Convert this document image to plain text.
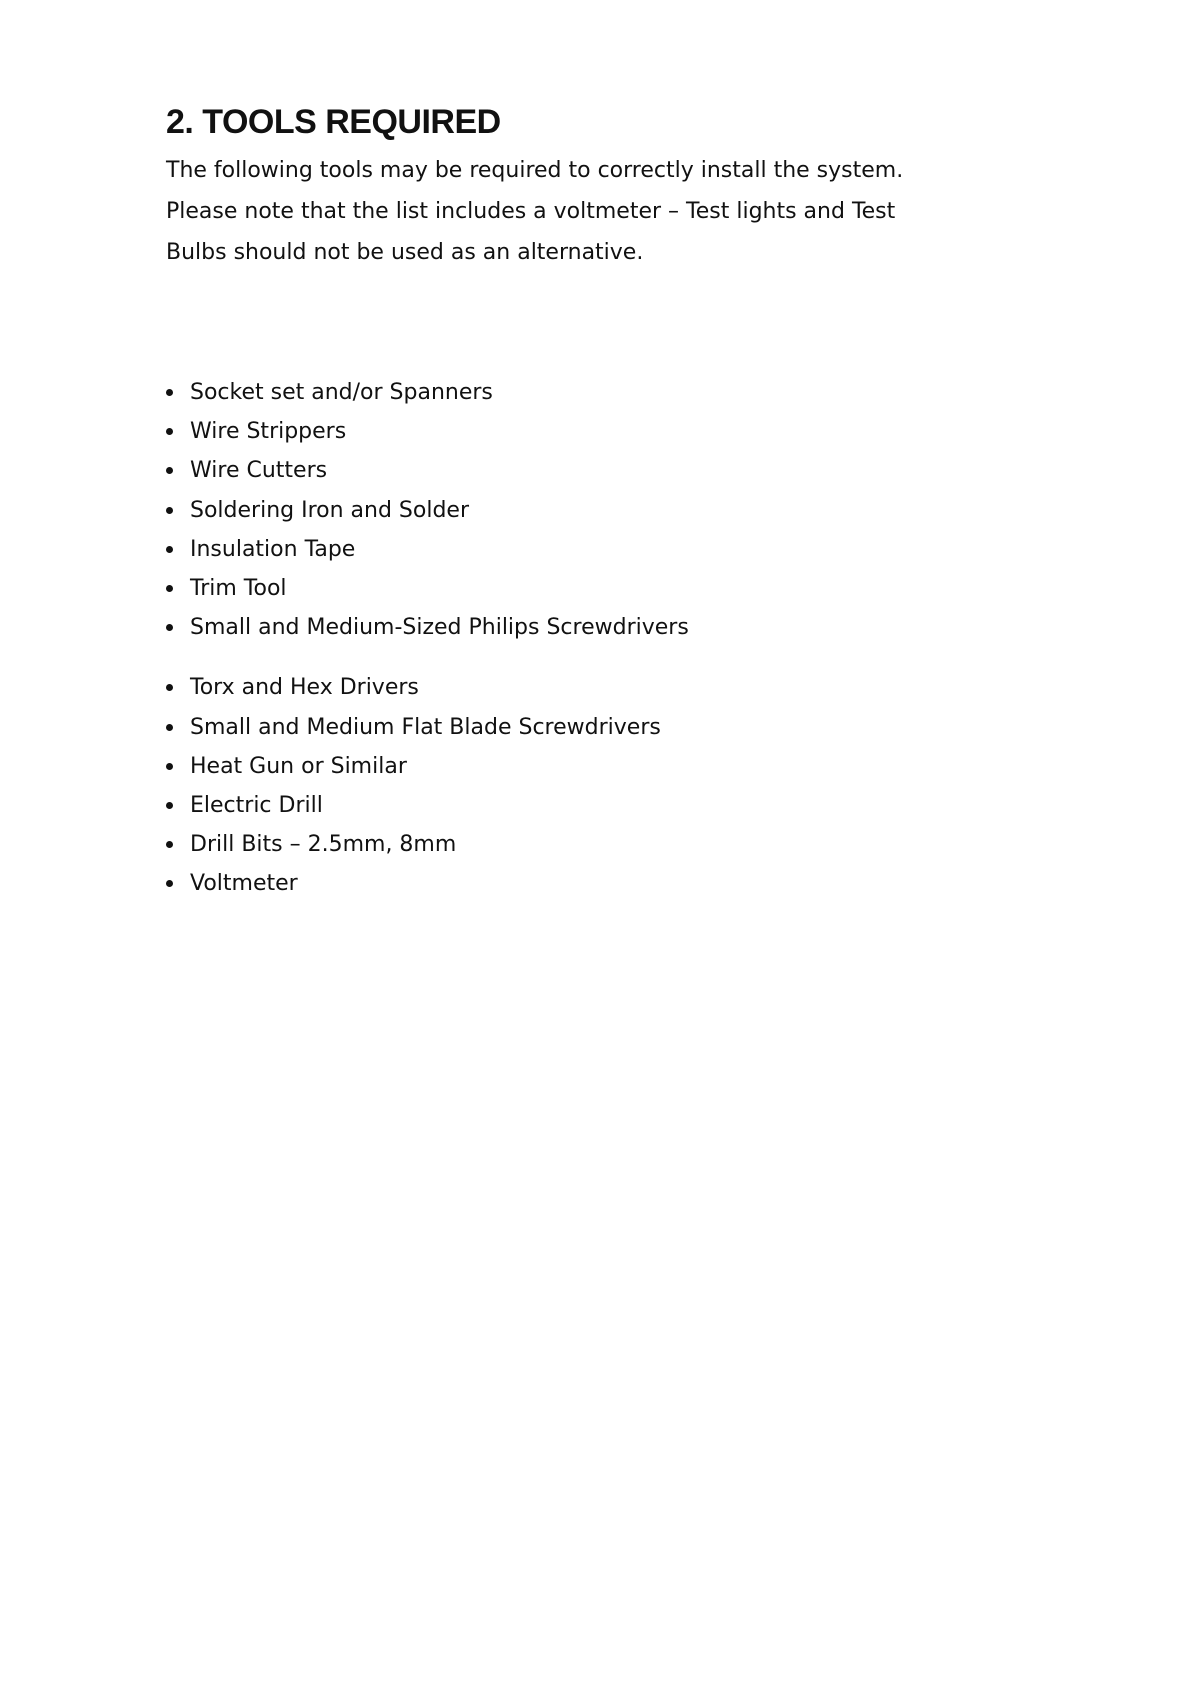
2. TOOLS REQUIRED

The following tools may be required to correctly install the system.

Please note that the list includes a voltmeter – Test lights and Test

Bulbs should not be used as an alternative.

Socket set and/or Spanners
Wire Strippers
Wire Cutters
Soldering Iron and Solder
Insulation Tape
Trim Tool
Small and Medium-Sized Philips Screwdrivers
Torx and Hex Drivers
Small and Medium Flat Blade Screwdrivers
Heat Gun or Similar
Electric Drill
Drill Bits – 2.5mm, 8mm
Voltmeter
